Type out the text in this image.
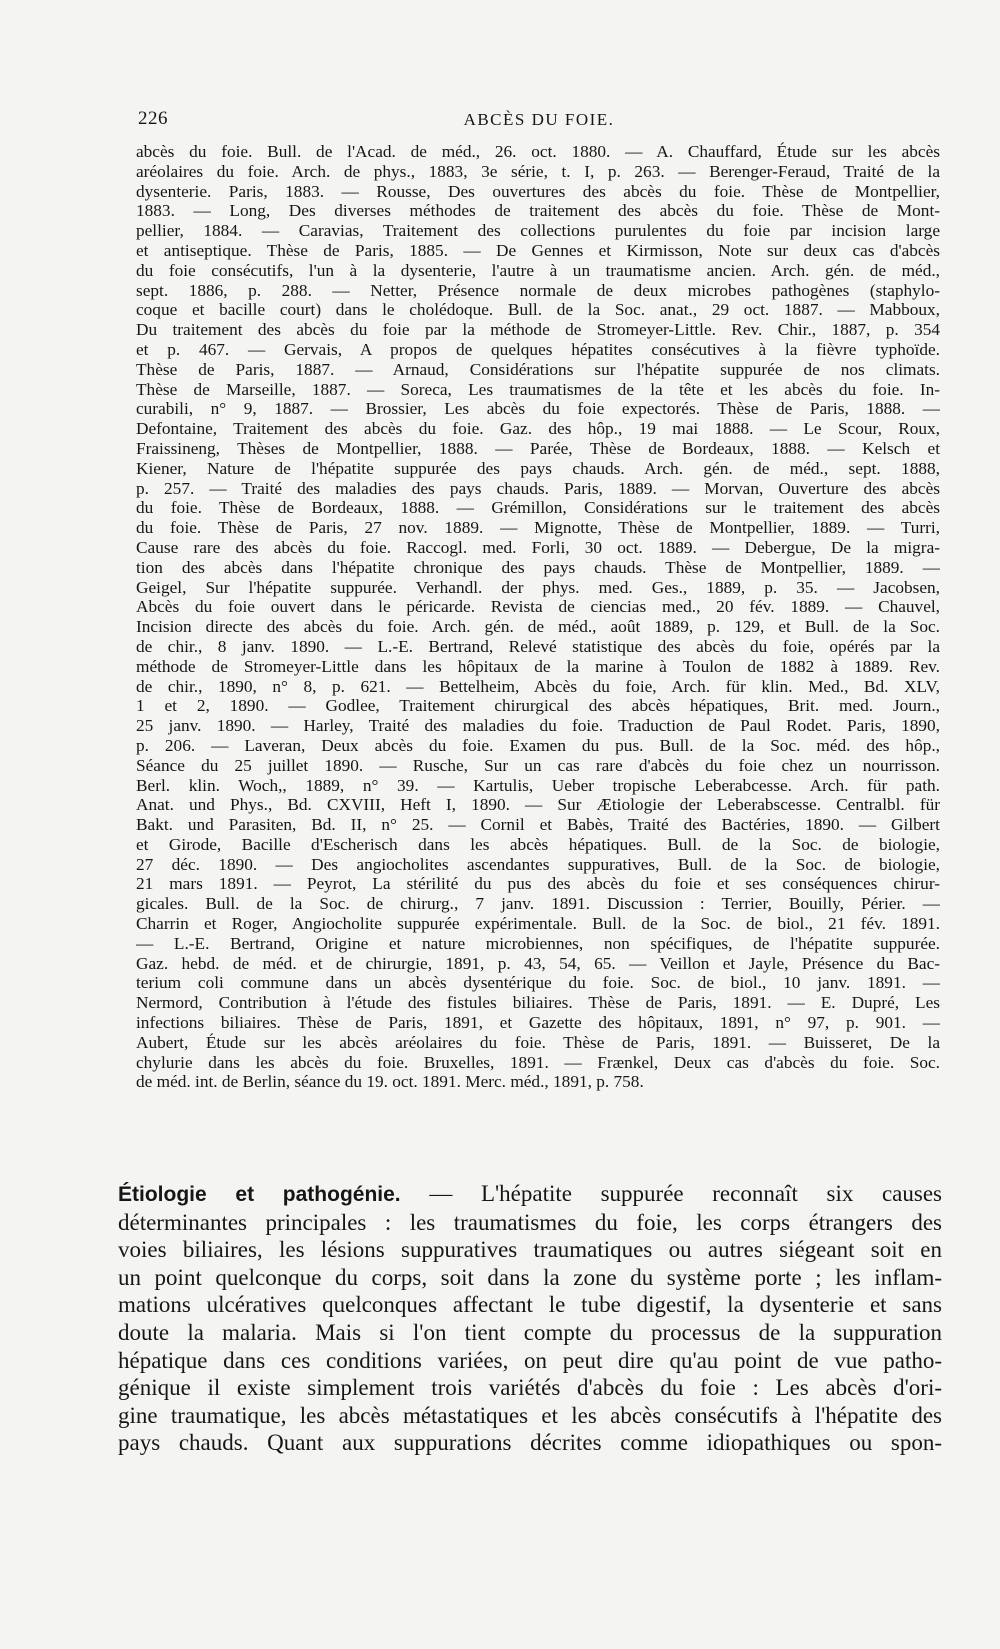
226	ABCÈS DU FOIE.
abcès du foie. Bull. de l'Acad. de méd., 26. oct. 1880. — A. Chauffard, Étude sur les abcès
aréolaires du foie. Arch. de phys., 1883, 3e série, t. I, p. 263. — Berenger-Feraud, Traité de la
dysenterie. Paris, 1883. — Rousse, Des ouvertures des abcès du foie. Thèse de Montpellier,
1883. — Long, Des diverses méthodes de traitement des abcès du foie. Thèse de Mont-
pellier, 1884. — Caravias, Traitement des collections purulentes du foie par incision large
et antiseptique. Thèse de Paris, 1885. — De Gennes et Kirmisson, Note sur deux cas d'abcès
du foie consécutifs, l'un à la dysenterie, l'autre à un traumatisme ancien. Arch. gén. de méd.,
sept. 1886, p. 288. — Netter, Présence normale de deux microbes pathogènes (staphylo-
coque et bacille court) dans le cholédoque. Bull. de la Soc. anat., 29 oct. 1887. — Mabboux,
Du traitement des abcès du foie par la méthode de Stromeyer-Little. Rev. Chir., 1887, p. 354
et p. 467. — Gervais, A propos de quelques hépatites consécutives à la fièvre typhoïde.
Thèse de Paris, 1887. — Arnaud, Considérations sur l'hépatite suppurée de nos climats.
Thèse de Marseille, 1887. — Soreca, Les traumatismes de la tête et les abcès du foie. In-
curabili, n° 9, 1887. — Brossier, Les abcès du foie expectorés. Thèse de Paris, 1888. —
Defontaine, Traitement des abcès du foie. Gaz. des hôp., 19 mai 1888. — Le Scour, Roux,
Fraissineng, Thèses de Montpellier, 1888. — Parée, Thèse de Bordeaux, 1888. — Kelsch et
Kiener, Nature de l'hépatite suppurée des pays chauds. Arch. gén. de méd., sept. 1888,
p. 257. — Traité des maladies des pays chauds. Paris, 1889. — Morvan, Ouverture des abcès
du foie. Thèse de Bordeaux, 1888. — Grémillon, Considérations sur le traitement des abcès
du foie. Thèse de Paris, 27 nov. 1889. — Mignotte, Thèse de Montpellier, 1889. — Turri,
Cause rare des abcès du foie. Raccogl. med. Forli, 30 oct. 1889. — Debergue, De la migra-
tion des abcès dans l'hépatite chronique des pays chauds. Thèse de Montpellier, 1889. —
Geigel, Sur l'hépatite suppurée. Verhandl. der phys. med. Ges., 1889, p. 35. — Jacobsen,
Abcès du foie ouvert dans le péricarde. Revista de ciencias med., 20 fév. 1889. — Chauvel,
Incision directe des abcès du foie. Arch. gén. de méd., août 1889, p. 129, et Bull. de la Soc.
de chir., 8 janv. 1890. — L.-E. Bertrand, Relevé statistique des abcès du foie, opérés par la
méthode de Stromeyer-Little dans les hôpitaux de la marine à Toulon de 1882 à 1889. Rev.
de chir., 1890, n° 8, p. 621. — Bettelheim, Abcès du foie, Arch. für klin. Med., Bd. XLV,
1 et 2, 1890. — Godlee, Traitement chirurgical des abcès hépatiques, Brit. med. Journ.,
25 janv. 1890. — Harley, Traité des maladies du foie. Traduction de Paul Rodet. Paris, 1890,
p. 206. — Laveran, Deux abcès du foie. Examen du pus. Bull. de la Soc. méd. des hôp.,
Séance du 25 juillet 1890. — Rusche, Sur un cas rare d'abcès du foie chez un nourrisson.
Berl. klin. Woch,, 1889, n° 39. — Kartulis, Ueber tropische Leberabcesse. Arch. für path.
Anat. und Phys., Bd. CXVIII, Heft I, 1890. — Sur Ætiologie der Leberabscesse. Centralbl. für
Bakt. und Parasiten, Bd. II, n° 25. — Cornil et Babès, Traité des Bactéries, 1890. — Gilbert
et Girode, Bacille d'Escherisch dans les abcès hépatiques. Bull. de la Soc. de biologie,
27 déc. 1890. — Des angiocholites ascendantes suppuratives, Bull. de la Soc. de biologie,
21 mars 1891. — Peyrot, La stérilité du pus des abcès du foie et ses conséquences chirur-
gicales. Bull. de la Soc. de chirurg., 7 janv. 1891. Discussion : Terrier, Bouilly, Périer. —
Charrin et Roger, Angiocholite suppurée expérimentale. Bull. de la Soc. de biol., 21 fév. 1891.
— L.-E. Bertrand, Origine et nature microbiennes, non spécifiques, de l'hépatite suppurée.
Gaz. hebd. de méd. et de chirurgie, 1891, p. 43, 54, 65. — Veillon et Jayle, Présence du Bac-
terium coli commune dans un abcès dysentérique du foie. Soc. de biol., 10 janv. 1891. —
Nermord, Contribution à l'étude des fistules biliaires. Thèse de Paris, 1891. — E. Dupré, Les
infections biliaires. Thèse de Paris, 1891, et Gazette des hôpitaux, 1891, n° 97, p. 901. —
Aubert, Étude sur les abcès aréolaires du foie. Thèse de Paris, 1891. — Buisseret, De la
chylurie dans les abcès du foie. Bruxelles, 1891. — Frænkel, Deux cas d'abcès du foie. Soc.
de méd. int. de Berlin, séance du 19. oct. 1891. Merc. méd., 1891, p. 758.
Étiologie et pathogénie. — L'hépatite suppurée reconnaît six causes
déterminantes principales : les traumatismes du foie, les corps étrangers des
voies biliaires, les lésions suppuratives traumatiques ou autres siégeant soit en
un point quelconque du corps, soit dans la zone du système porte ; les inflam-
mations ulcératives quelconques affectant le tube digestif, la dysenterie et sans
doute la malaria. Mais si l'on tient compte du processus de la suppuration
hépatique dans ces conditions variées, on peut dire qu'au point de vue patho-
génique il existe simplement trois variétés d'abcès du foie : Les abcès d'ori-
gine traumatique, les abcès métastatiques et les abcès consécutifs à l'hépatite des
pays chauds. Quant aux suppurations décrites comme idiopathiques ou spon-
